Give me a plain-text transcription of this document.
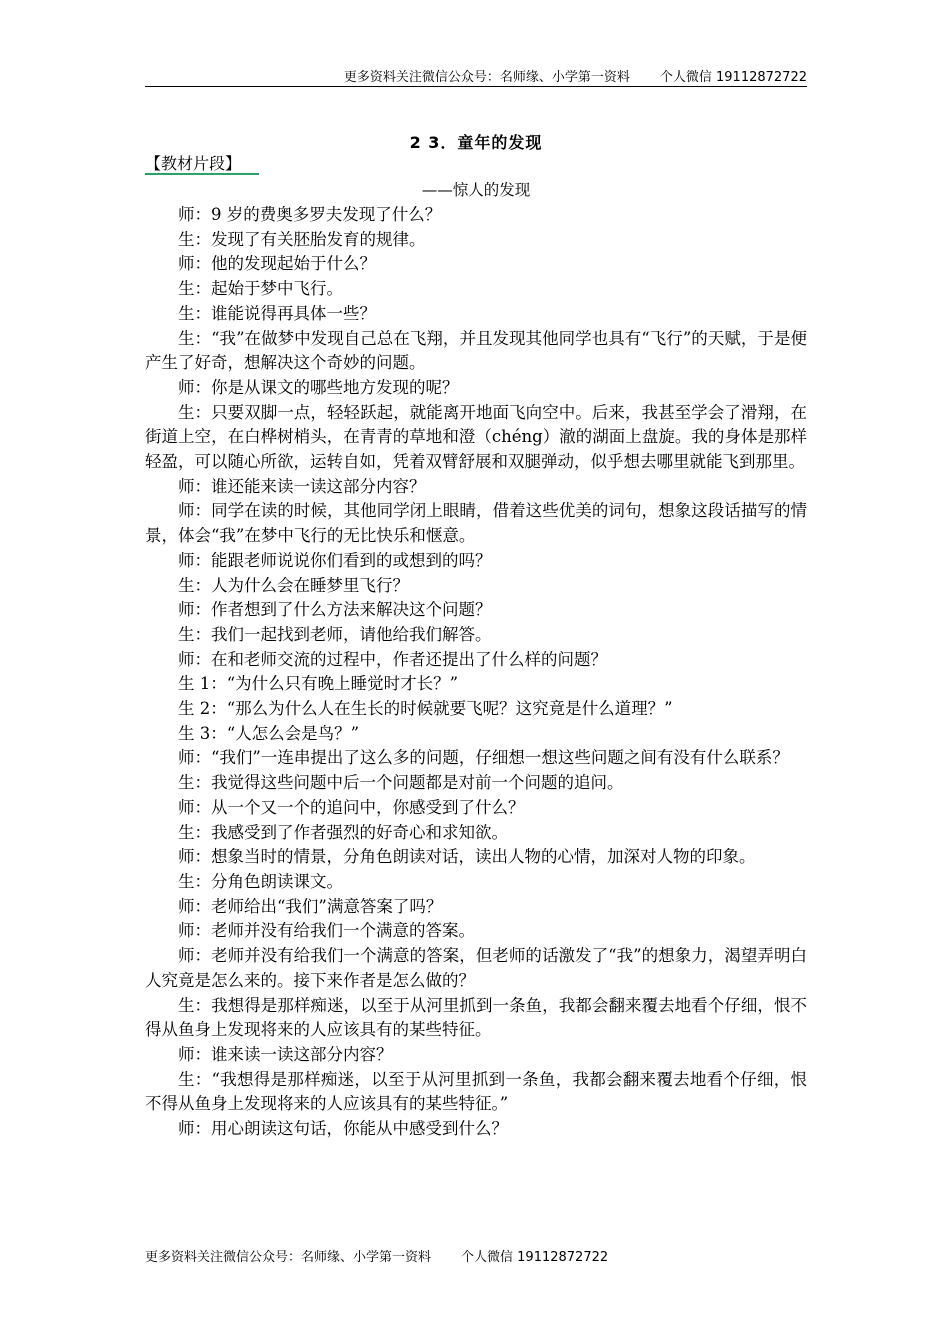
更多资料关注微信公众号：名师缘、小学第一资料 个人微信 19112872722
2 3．童年的发现
【教材片段】
——惊人的发现

师：9 岁的费奥多罗夫发现了什么？

生：发现了有关胚胎发育的规律。

师：他的发现起始于什么？

生：起始于梦中飞行。

生：谁能说得再具体一些？

生：“我”在做梦中发现自己总在飞翔，并且发现其他同学也具有“飞行”的天赋，于是便产生了好奇，想解决这个奇妙的问题。

师：你是从课文的哪些地方发现的呢？

生：只要双脚一点，轻轻跃起，就能离开地面飞向空中。后来，我甚至学会了滑翔，在街道上空，在白桦树梢头，在青青的草地和澄（chéng）澈的湖面上盘旋。我的身体是那样轻盈，可以随心所欲，运转自如，凭着双臂舒展和双腿弹动，似乎想去哪里就能飞到那里。

师：谁还能来读一读这部分内容？

师：同学在读的时候，其他同学闭上眼睛，借着这些优美的词句，想象这段话描写的情景，体会“我”在梦中飞行的无比快乐和惬意。

师：能跟老师说说你们看到的或想到的吗？

生：人为什么会在睡梦里飞行？

师：作者想到了什么方法来解决这个问题？

生：我们一起找到老师，请他给我们解答。

师：在和老师交流的过程中，作者还提出了什么样的问题？

生 1：“为什么只有晚上睡觉时才长？”

生 2：“那么为什么人在生长的时候就要飞呢？这究竟是什么道理？”

生 3：“人怎么会是鸟？”

师：“我们”一连串提出了这么多的问题，仔细想一想这些问题之间有没有什么联系？

生：我觉得这些问题中后一个问题都是对前一个问题的追问。

师：从一个又一个的追问中，你感受到了什么？

生：我感受到了作者强烈的好奇心和求知欲。

师：想象当时的情景，分角色朗读对话，读出人物的心情，加深对人物的印象。

生：分角色朗读课文。

师：老师给出“我们”满意答案了吗？

师：老师并没有给我们一个满意的答案。

师：老师并没有给我们一个满意的答案，但老师的话激发了“我”的想象力，渴望弄明白人究竟是怎么来的。接下来作者是怎么做的？

生：我想得是那样痴迷，以至于从河里抓到一条鱼，我都会翻来覆去地看个仔细，恨不得从鱼身上发现将来的人应该具有的某些特征。

师：谁来读一读这部分内容？

生：“我想得是那样痴迷，以至于从河里抓到一条鱼，我都会翻来覆去地看个仔细，恨不得从鱼身上发现将来的人应该具有的某些特征。”

师：用心朗读这句话，你能从中感受到什么？

更多资料关注微信公众号：名师缘、小学第一资料 个人微信 19112872722
